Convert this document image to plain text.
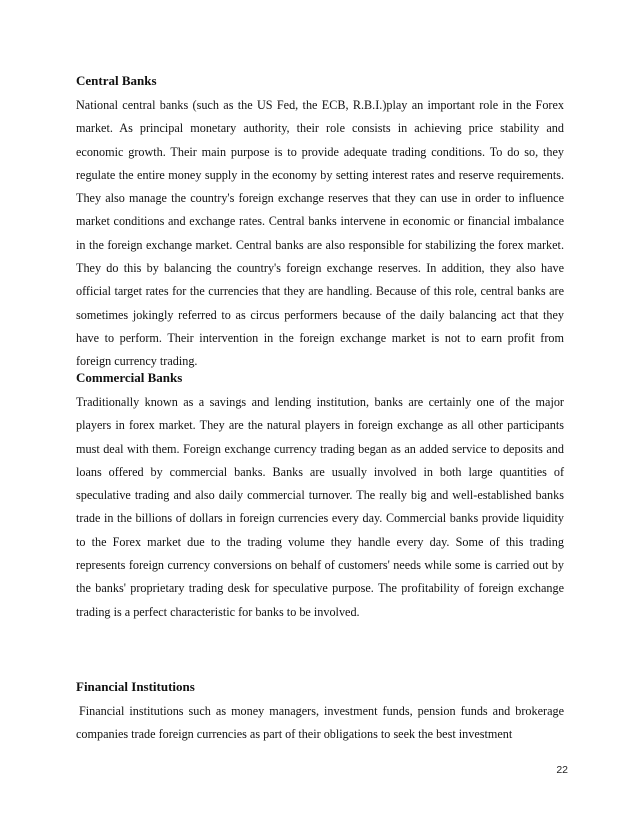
Central Banks

National central banks (such as the US Fed, the ECB, R.B.I.)play an important role in the Forex market. As principal monetary authority, their role consists in achieving price stability and economic growth. Their main purpose is to provide adequate trading conditions. To do so, they regulate the entire money supply in the economy by setting interest rates and reserve requirements. They also manage the country's foreign exchange reserves that they can use in order to influence market conditions and exchange rates. Central banks intervene in economic or financial imbalance in the foreign exchange market. Central banks are also responsible for stabilizing the forex market. They do this by balancing the country's foreign exchange reserves. In addition, they also have official target rates for the currencies that they are handling. Because of this role, central banks are sometimes jokingly referred to as circus performers because of the daily balancing act that they have to perform. Their intervention in the foreign exchange market is not to earn profit from foreign currency trading.

Commercial Banks

Traditionally known as a savings and lending institution, banks are certainly one of the major players in forex market. They are the natural players in foreign exchange as all other participants must deal with them. Foreign exchange currency trading began as an added service to deposits and loans offered by commercial banks. Banks are usually involved in both large quantities of speculative trading and also daily commercial turnover. The really big and well-established banks trade in the billions of dollars in foreign currencies every day. Commercial banks provide liquidity to the Forex market due to the trading volume they handle every day. Some of this trading represents foreign currency conversions on behalf of customers' needs while some is carried out by the banks' proprietary trading desk for speculative purpose. The profitability of foreign exchange trading is a perfect characteristic for banks to be involved.

Financial Institutions

Financial institutions such as money managers, investment funds, pension funds and brokerage companies trade foreign currencies as part of their obligations to seek the best investment

22
